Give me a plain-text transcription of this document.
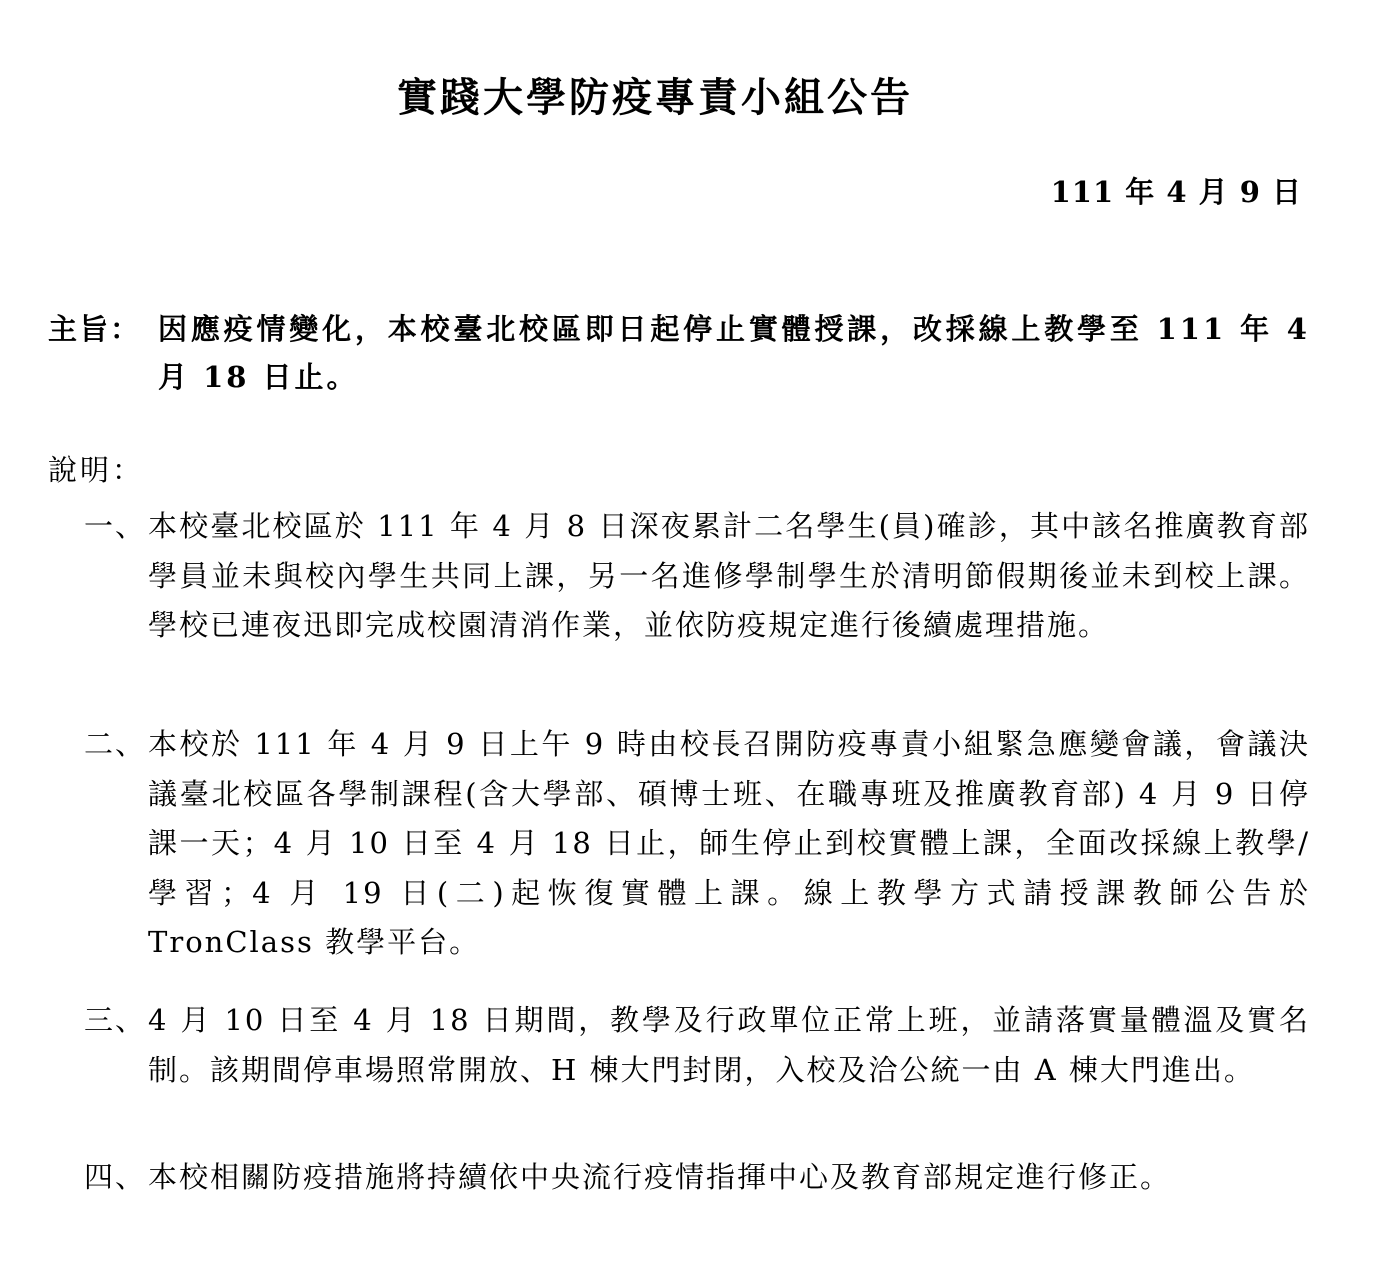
實踐大學防疫專責小組公告
111 年 4 月 9 日
主旨： 因應疫情變化，本校臺北校區即日起停止實體授課，改採線上教學至 111 年 4 月 18 日止。
說明：
一、 本校臺北校區於 111 年 4 月 8 日深夜累計二名學生(員)確診，其中該名推廣教育部學員並未與校內學生共同上課，另一名進修學制學生於清明節假期後並未到校上課。學校已連夜迅即完成校園清消作業，並依防疫規定進行後續處理措施。
二、 本校於 111 年 4 月 9 日上午 9 時由校長召開防疫專責小組緊急應變會議，會議決議臺北校區各學制課程(含大學部、碩博士班、在職專班及推廣教育部) 4 月 9 日停課一天；4 月 10 日至 4 月 18 日止，師生停止到校實體上課，全面改採線上教學/學習；4 月 19 日(二)起恢復實體上課。線上教學方式請授課教師公告於 TronClass 教學平台。
三、 4 月 10 日至 4 月 18 日期間，教學及行政單位正常上班，並請落實量體溫及實名制。該期間停車場照常開放、H 棟大門封閉，入校及洽公統一由 A 棟大門進出。
四、 本校相關防疫措施將持續依中央流行疫情指揮中心及教育部規定進行修正。
